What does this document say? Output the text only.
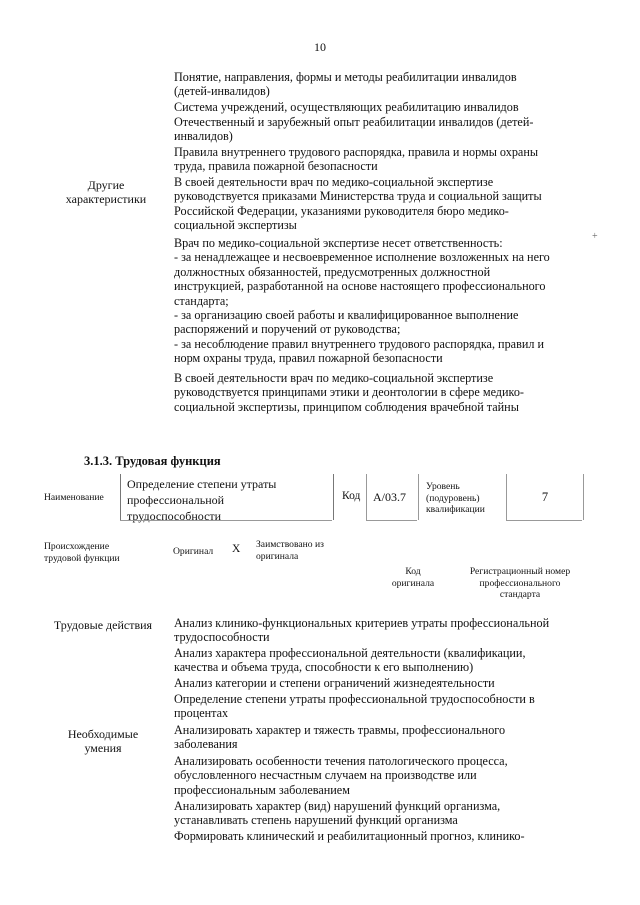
10
Понятие, направления, формы и методы реабилитации инвалидов
(детей-инвалидов)
Система учреждений, осуществляющих реабилитацию инвалидов
Отечественный и зарубежный опыт реабилитации инвалидов (детей-
инвалидов)
Правила внутреннего трудового распорядка, правила и нормы охраны
труда, правила пожарной безопасности
В своей деятельности врач по медико-социальной экспертизе
руководствуется приказами Министерства труда и социальной защиты
Российской Федерации, указаниями руководителя бюро медико-
социальной экспертизы
Врач по медико-социальной экспертизе несет ответственность:
- за ненадлежащее и несвоевременное исполнение возложенных на него
должностных обязанностей, предусмотренных должностной
инструкцией, разработанной на основе настоящего профессионального
стандарта;
- за организацию своей работы и квалифицированное выполнение
распоряжений и поручений от руководства;
- за несоблюдение правил внутреннего трудового распорядка, правил и
норм охраны труда, правил пожарной безопасности
В своей деятельности врач по медико-социальной экспертизе
руководствуется принципами этики и деонтологии в сфере медико-
социальной экспертизы, принципом соблюдения врачебной тайны
Другие
характеристики
+
3.1.3. Трудовая функция
Наименование
Определение степени утраты
профессиональной
трудоспособности
Код A/03.7
Уровень
(подуровень)
квалификации
7
Происхождение
трудовой функции
Оригинал X Заимствовано из
оригинала
Код
оригинала
Регистрационный номер
профессионального
стандарта
Трудовые действия	Анализ клинико-функциональных критериев утраты профессиональной
трудоспособности
Анализ характера профессиональной деятельности (квалификации,
качества и объема труда, способности к его выполнению)
Анализ категории и степени ограничений жизнедеятельности
Определение степени утраты профессиональной трудоспособности в
процентах
Необходимые
умения
Анализировать характер и тяжесть травмы, профессионального
заболевания
Анализировать особенности течения патологического процесса,
обусловленного несчастным случаем на производстве или
профессиональным заболеванием
Анализировать характер (вид) нарушений функций организма,
устанавливать степень нарушений функций организма
Формировать клинический и реабилитационный прогноз, клинико-
